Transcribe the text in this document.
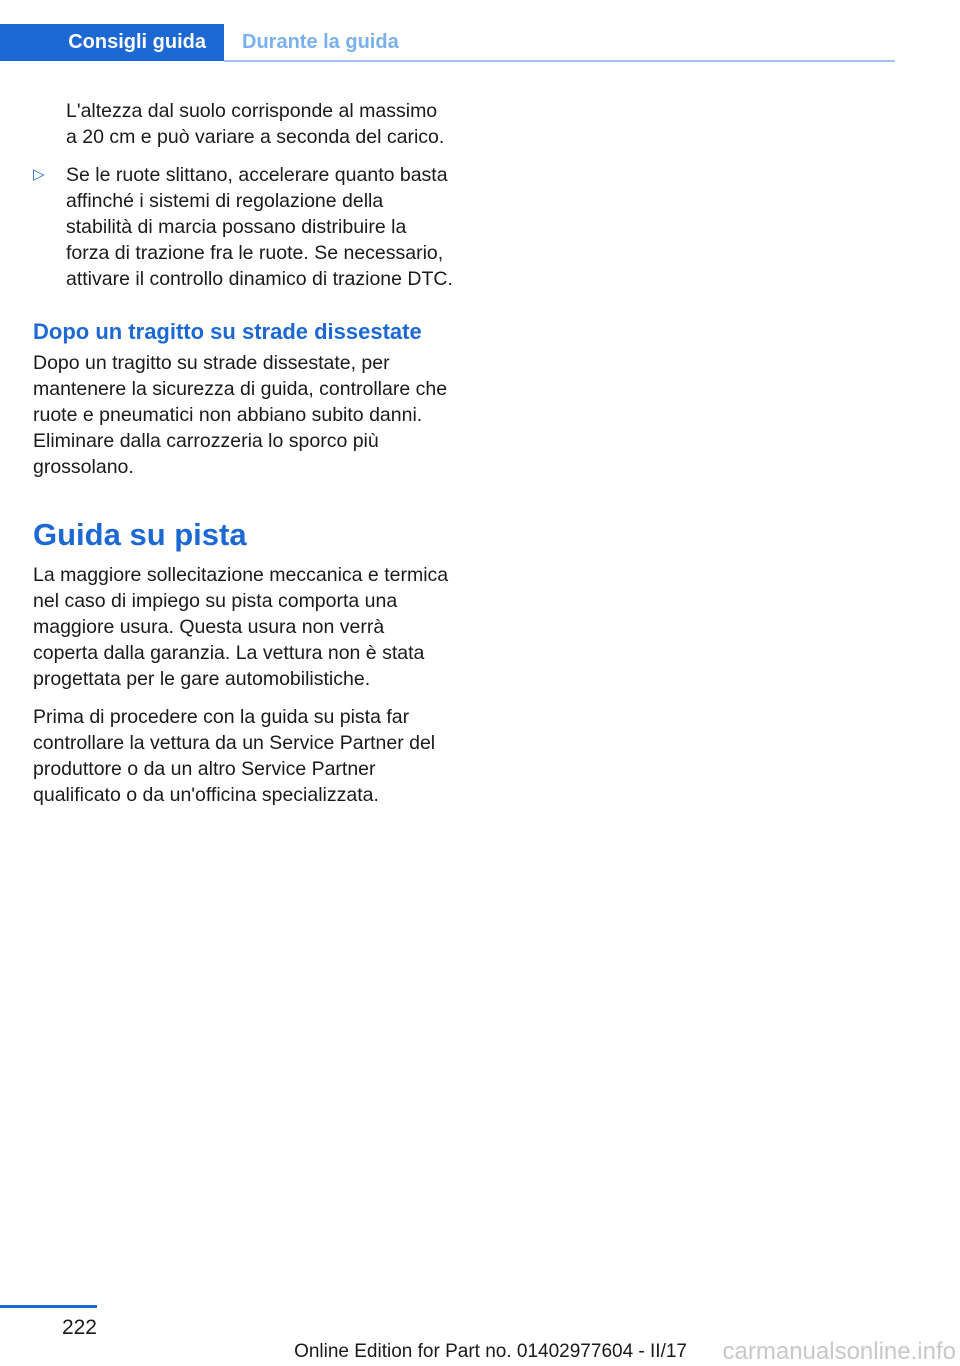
Consigli guida	Durante la guida

L'altezza dal suolo corrisponde al massimo a 20 cm e può variare a seconda del carico.

▷	Se le ruote slittano, accelerare quanto basta affinché i sistemi di regolazione della stabilità di marcia possano distribuire la forza di trazione fra le ruote. Se necessario, attivare il controllo dinamico di trazione DTC.
Dopo un tragitto su strade dissestate

Dopo un tragitto su strade dissestate, per mantenere la sicurezza di guida, controllare che ruote e pneumatici non abbiano subito danni. Eliminare dalla carrozzeria lo sporco più grossolano.

Guida su pista

La maggiore sollecitazione meccanica e termica nel caso di impiego su pista comporta una maggiore usura. Questa usura non verrà coperta dalla garanzia. La vettura non è stata progettata per le gare automobilistiche.

Prima di procedere con la guida su pista far controllare la vettura da un Service Partner del produttore o da un altro Service Partner qualificato o da un'officina specializzata.

222
Online Edition for Part no. 01402977604 - II/17 carmanualsonline.info
